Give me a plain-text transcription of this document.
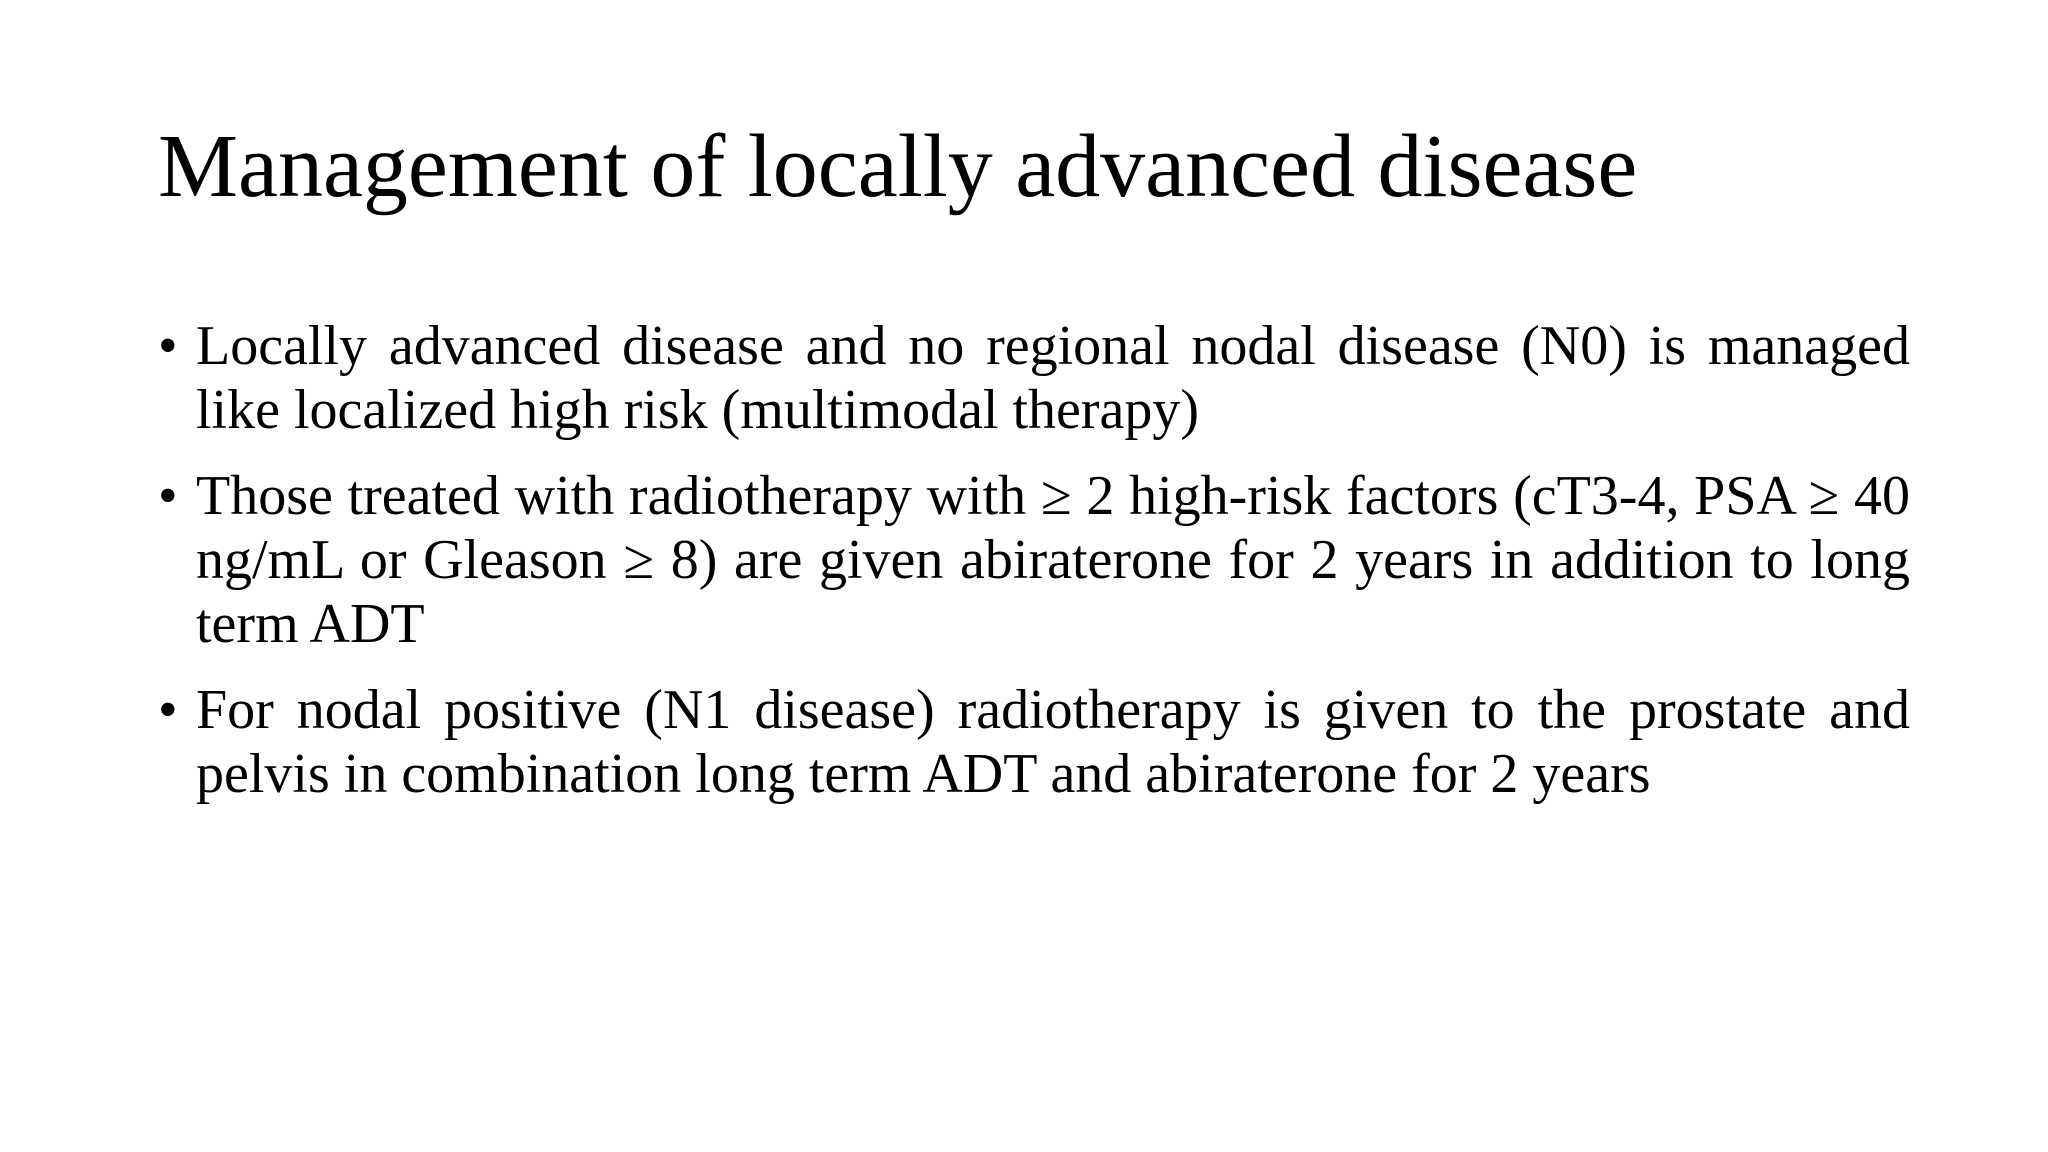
Management of locally advanced disease
• Locally advanced disease and no regional nodal disease (N0) is managed like localized high risk (multimodal therapy)
• Those treated with radiotherapy with ≥ 2 high-risk factors (cT3-4, PSA ≥ 40 ng/mL or Gleason ≥ 8) are given abiraterone for 2 years in addition to long term ADT
• For nodal positive (N1 disease) radiotherapy is given to the prostate and pelvis in combination long term ADT and abiraterone for 2 years
